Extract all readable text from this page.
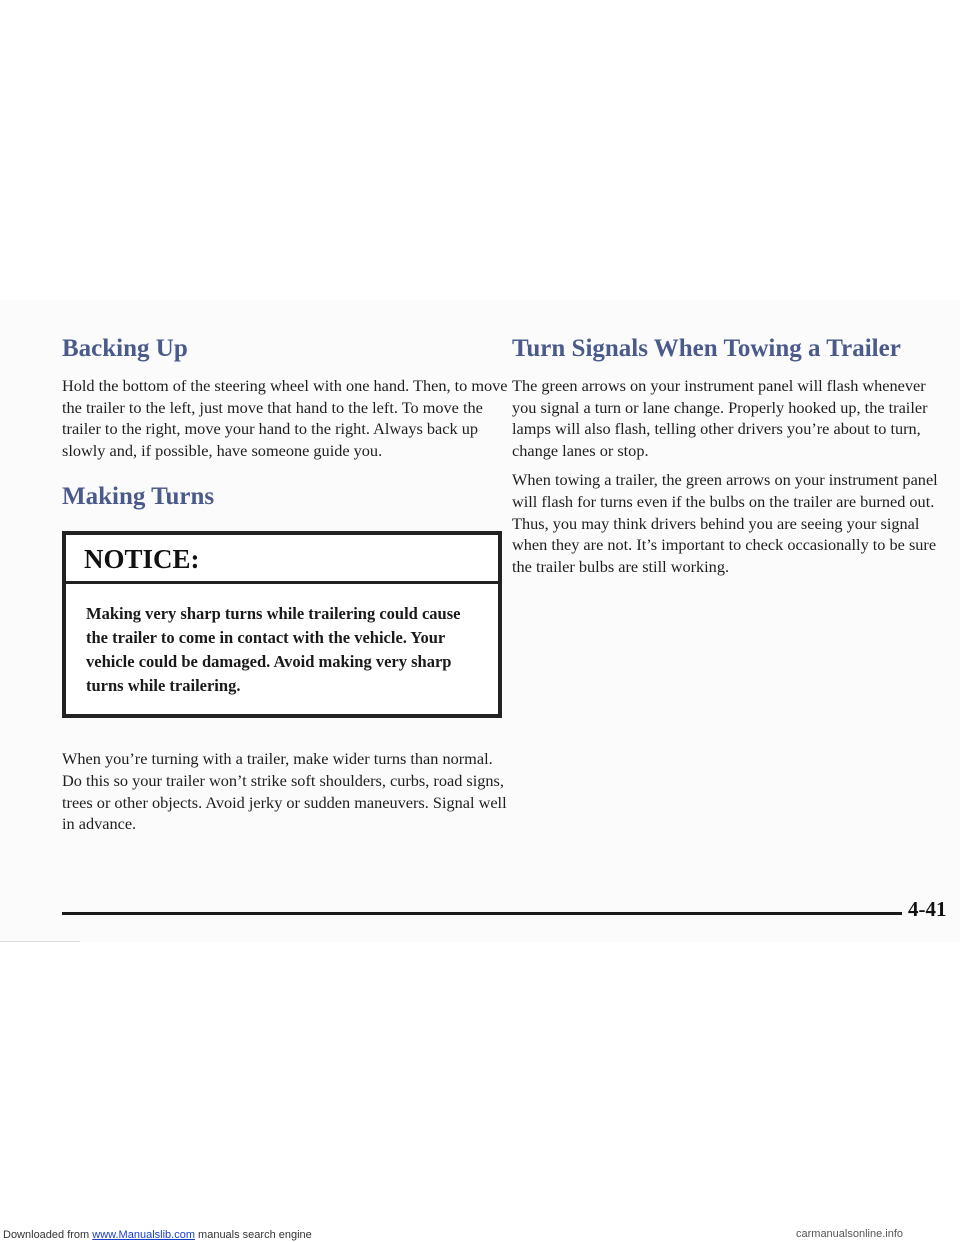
Backing Up

Hold the bottom of the steering wheel with one hand. Then, to move the trailer to the left, just move that hand to the left. To move the trailer to the right, move your hand to the right. Always back up slowly and, if possible, have someone guide you.

Making Turns
NOTICE:
Making very sharp turns while trailering could cause the trailer to come in contact with the vehicle. Your vehicle could be damaged. Avoid making very sharp turns while trailering.

When you’re turning with a trailer, make wider turns than normal. Do this so your trailer won’t strike soft shoulders, curbs, road signs, trees or other objects. Avoid jerky or sudden maneuvers. Signal well in advance.

Turn Signals When Towing a Trailer

The green arrows on your instrument panel will flash whenever you signal a turn or lane change. Properly hooked up, the trailer lamps will also flash, telling other drivers you’re about to turn, change lanes or stop.

When towing a trailer, the green arrows on your instrument panel will flash for turns even if the bulbs on the trailer are burned out. Thus, you may think drivers behind you are seeing your signal when they are not. It’s important to check occasionally to be sure the trailer bulbs are still working.

4-41
Downloaded from www.Manualslib.com manuals search engine	carmanualsonline.info
